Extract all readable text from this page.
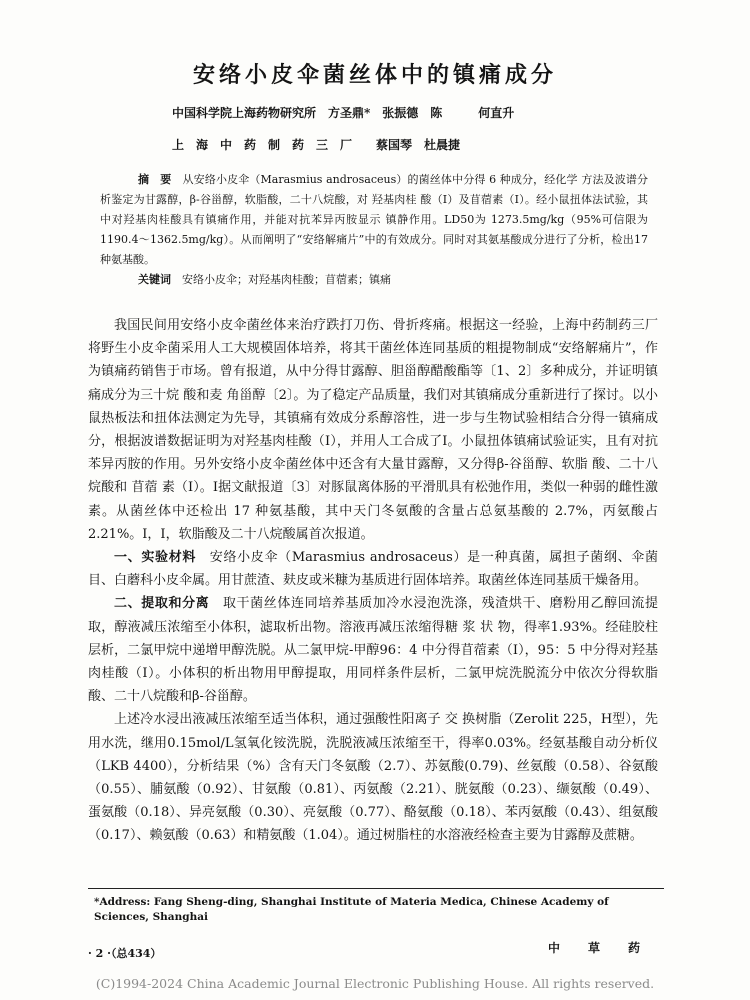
安络小皮伞菌丝体中的镇痛成分
中国科学院上海药物研究所　方圣鼎*　张振德　陈　　　何直升
上　海　中　药　制　药　三　厂　　蔡国琴　杜晨捷

摘　要　 从安络小皮伞（Marasmius androsaceus）的菌丝体中分得 6 种成分，经化学 方法及波谱分析鉴定为甘露醇，β-谷甾醇，软脂酸，二十八烷酸，对 羟基肉桂 酸（Ⅰ）及苜蓿素（Ⅰ）。经小鼠扭体法试验，其中对羟基肉桂酸具有镇痛作用，并能对抗苯异丙胺显示 镇静作用。LD50为 1273.5mg/kg（95%可信限为1190.4～1362.5mg/kg）。从而阐明了“安络解痛片”中的有效成分。同时对其氨基酸成分进行了分析，检出17种氨基酸。

关键词　 安络小皮伞；对羟基肉桂酸；苜蓿素；镇痛

我国民间用安络小皮伞菌丝体来治疗跌打刀伤、骨折疼痛。根据这一经验，上海中药制药三厂将野生小皮伞菌采用人工大规模固体培养，将其干菌丝体连同基质的粗提物制成“安络解痛片”，作为镇痛药销售于市场。曾有报道，从中分得甘露醇、胆甾醇醋酸酯等〔1、2〕多种成分，并证明镇痛成分为三十烷 酸和麦 角甾醇〔2〕。为了稳定产品质量，我们对其镇痛成分重新进行了探讨。以小鼠热板法和扭体法测定为先导，其镇痛有效成分系醇溶性，进一步与生物试验相结合分得一镇痛成分，根据波谱数据证明为对羟基肉桂酸（Ⅰ），并用人工合成了Ⅰ。小鼠扭体镇痛试验证实，且有对抗苯异丙胺的作用。另外安络小皮伞菌丝体中还含有大量甘露醇，又分得β-谷甾醇、软脂 酸、二十八烷酸和 苜蓿 素（Ⅰ）。Ⅰ据文献报道〔3〕对豚鼠离体肠的平滑肌具有松弛作用，类似一种弱的雌性激素。从菌丝体中还检出 17 种氨基酸，其中天门冬氨酸的含量占总氨基酸的 2.7%，丙氨酸占 2.21%。Ⅰ，Ⅰ，软脂酸及二十八烷酸属首次报道。

一、实验材料　 安络小皮伞（Marasmius androsaceus）是一种真菌，属担子菌纲、伞菌目、白蘑科小皮伞属。用甘蔗渣、麸皮或米糠为基质进行固体培养。取菌丝体连同基质干燥备用。

二、提取和分离　 取干菌丝体连同培养基质加冷水浸泡洗涤，残渣烘干、磨粉用乙醇回流提取，醇液减压浓缩至小体积，滤取析出物。溶液再减压浓缩得糖 浆 状 物，得率1.93%。经硅胶柱层析，二氯甲烷中递增甲醇洗脱。从二氯甲烷-甲醇96：4 中分得苜蓿素（Ⅰ），95：5 中分得对羟基肉桂酸（Ⅰ）。小体积的析出物用甲醇提取，用同样条件层析，二氯甲烷洗脱流分中依次分得软脂酸、二十八烷酸和β-谷甾醇。

上述冷水浸出液减压浓缩至适当体积，通过强酸性阳离子 交 换树脂（Zerolit 225，H型），先用水洗，继用0.15mol/L氢氧化铵洗脱，洗脱液减压浓缩至干，得率0.03%。经氨基酸自动分析仪（LKB 4400），分析结果（%）含有天门冬氨酸（2.7）、苏氨酸(0.79)、丝氨酸（0.58）、谷氨酸（0.55）、脯氨酸（0.92）、甘氨酸（0.81）、丙氨酸（2.21）、胱氨酸（0.23）、缬氨酸（0.49）、蛋氨酸（0.18）、异亮氨酸（0.30）、亮氨酸（0.77）、酪氨酸（0.18）、苯丙氨酸（0.43）、组氨酸（0.17）、赖氨酸（0.63）和精氨酸（1.04）。通过树脂柱的水溶液经检查主要为甘露醇及蔗糖。

*Address: Fang Sheng-ding, Shanghai Institute of Materia Medica, Chinese Academy of Sciences, Shanghai
· 2 ·（总434）	中　草　药
(C)1994-2024 China Academic Journal Electronic Publishing House. All rights reserved.
